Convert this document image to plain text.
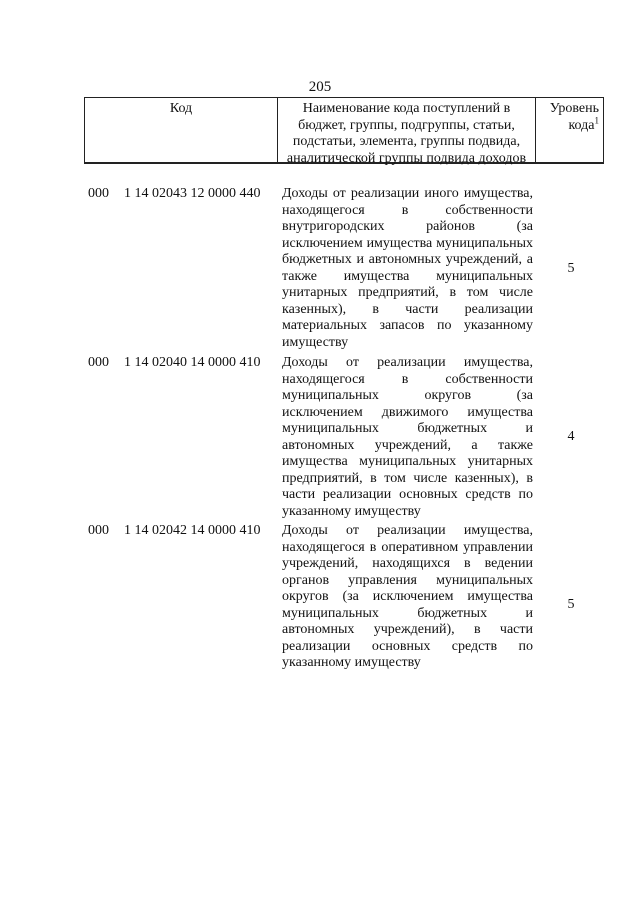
205
Код	Наименование кода поступлений в бюджет, группы, подгруппы, статьи, подстатьи, элемента, группы подвида, аналитической группы подвида доходов
Уровень кода$^1$
000 1 14 02043 12 0000 440 Доходы от реализации иного имущества, находящегося в собственности внутригородских районов (за исключением имущества муниципальных бюджетных и автономных учреждений, а также имущества муниципальных унитарных предприятий, в том числе казенных), в части реализации материальных запасов по указанному имуществу
5
000 1 14 02040 14 0000 410 Доходы от реализации имущества, находящегося в собственности муниципальных округов (за исключением движимого имущества муниципальных бюджетных и автономных учреждений, а также имущества муниципальных унитарных предприятий, в том числе казенных), в части реализации основных средств по указанному имуществу
4
000 1 14 02042 14 0000 410 Доходы от реализации имущества, находящегося в оперативном управлении учреждений, находящихся в ведении органов управления муниципальных округов (за исключением имущества муниципальных бюджетных и автономных учреждений), в части реализации основных средств по указанному имуществу
5
